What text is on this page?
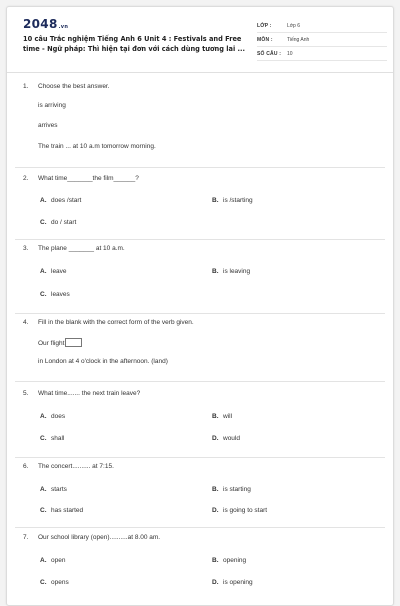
2048.vn
10 câu Trắc nghiệm Tiếng Anh 6 Unit 4 : Festivals and Free time - Ngữ pháp: Thì hiện tại đơn với cách dùng tương lai ...
LỚP :	Lớp 6
MÔN :	Tiếng Anh
SỐ CÂU : 10
1. Choose the best answer.
is arriving
arrives
The train ... at 10 a.m tomorrow morning.
2. What time_______the film______?
A. does /start	B. is /starting
C. do / start
3. The plane _______ at 10 a.m.
A. leave	B. is leaving
C. leaves
4. Fill in the blank with the correct form of the verb given.
Our flight
in London at 4 o'clock in the afternoon. (land)
5. What time....... the next train leave?
A. does	B. will
C. shall	D. would
6. The concert.......... at 7:15.
A. starts	B. is starting
C. has started	D. is going to start
7. Our school library (open)..........at 8.00 am.
A. open	B. opening
C. opens	D. is opening
